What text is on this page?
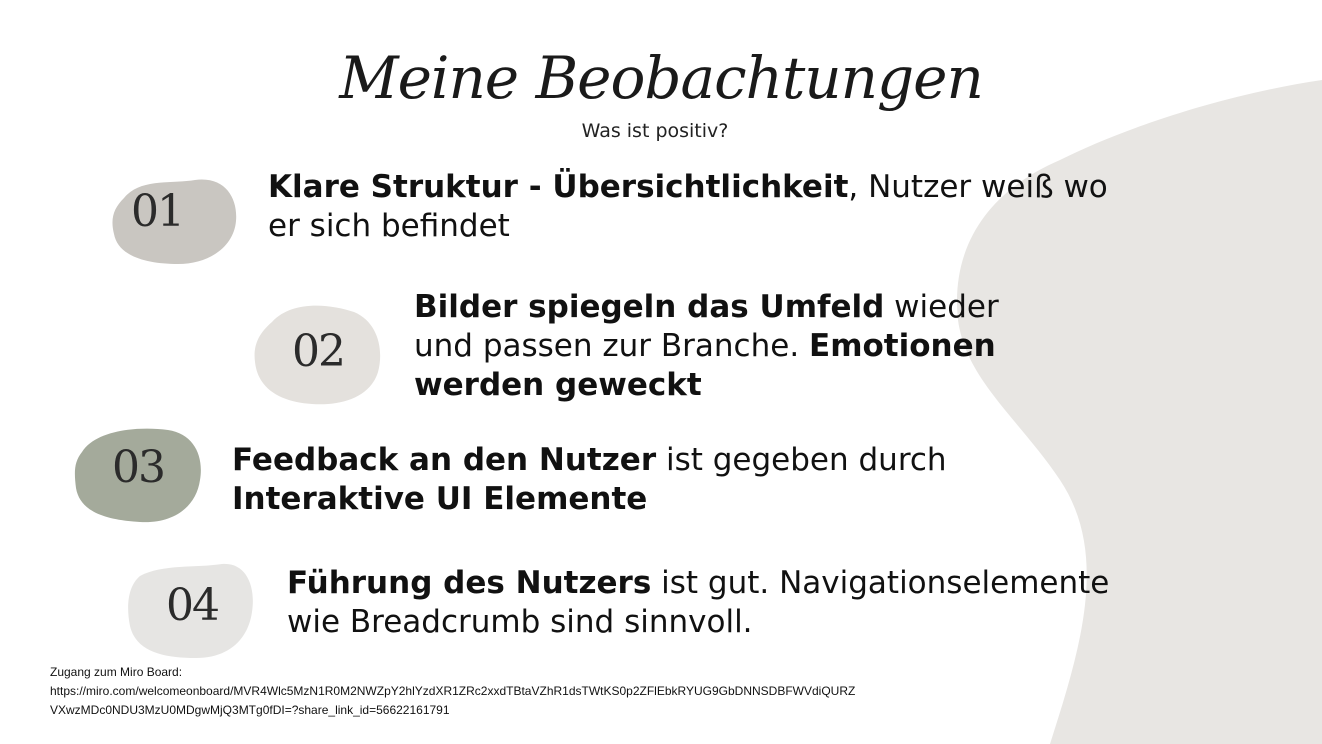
Meine Beobachtungen
Was ist positiv?
01	Klare Struktur - Übersichtlichkeit, Nutzer weiß wo
er sich befindet
02
Bilder spiegeln das Umfeld wieder
und passen zur Branche. Emotionen
werden geweckt
03	Feedback an den Nutzer ist gegeben durch
Interaktive UI Elemente
04	Führung des Nutzers ist gut. Navigationselemente
wie Breadcrumb sind sinnvoll.
Zugang zum Miro Board:
https://miro.com/welcomeonboard/MVR4Wlc5MzN1R0M2NWZpY2hlYzdXR1ZRc2xxdTBtaVZhR1dsTWtKS0p2ZFlEbkRYUG9GbDNNSDBFWVdiQURZ
VXwzMDc0NDU3MzU0MDgwMjQ3MTg0fDI=?share_link_id=56622161791
